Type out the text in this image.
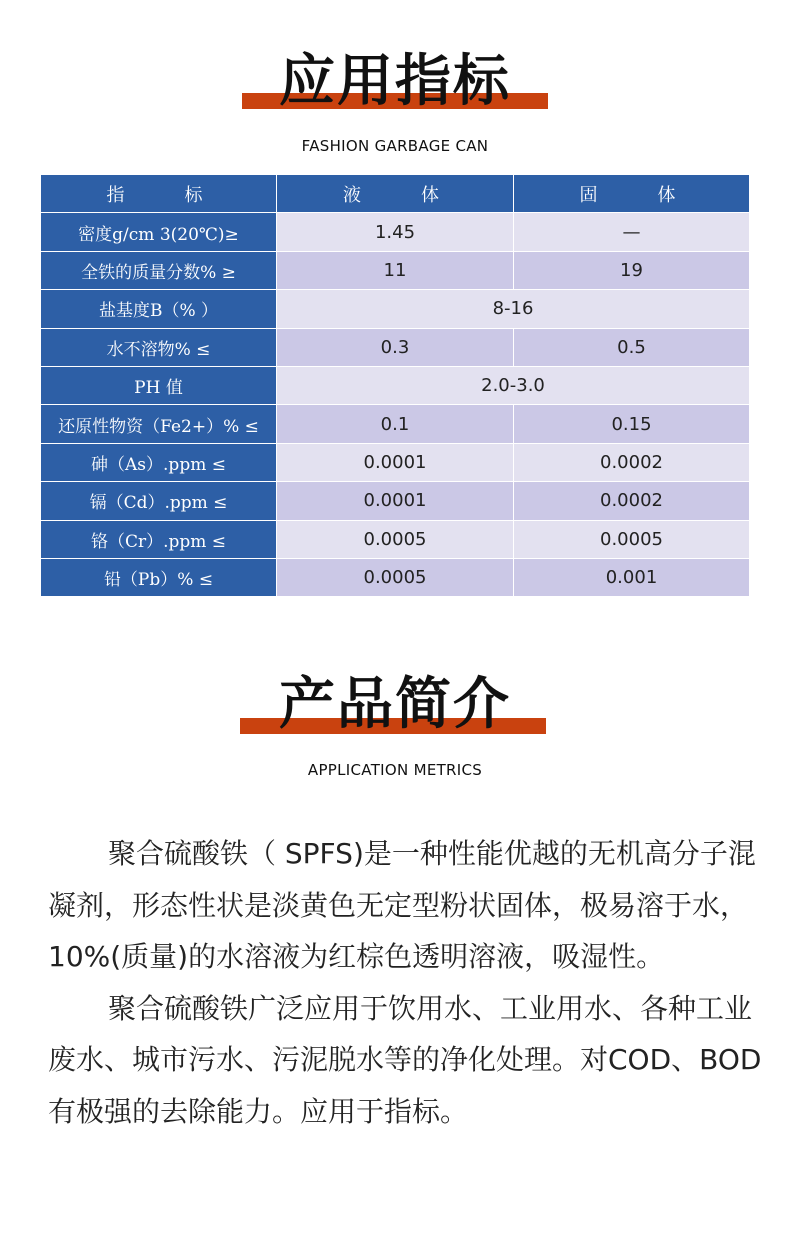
应用指标
FASHION GARBAGE CAN
指　　标	液　　体	固　　体
密度g/cm 3(20℃)≥	1.45	—
全铁的质量分数% ≥	11	19
盐基度B（% ）	8-16	
水不溶物% ≤	0.3	0.5
PH 值	2.0-3.0	
还原性物资（Fe2+）% ≤	0.1	0.15
砷（As）.ppm ≤	0.0001	0.0002
镉（Cd）.ppm ≤	0.0001	0.0002
铬（Cr）.ppm ≤	0.0005	0.0005
铅（Pb）% ≤	0.0005	0.001
产品简介
APPLICATION METRICS

聚合硫酸铁（ SPFS)是一种性能优越的无机高分子混凝剂，形态性状是淡黄色无定型粉状固体，极易溶于水，10%(质量)的水溶液为红棕色透明溶液，吸湿性。

聚合硫酸铁广泛应用于饮用水、工业用水、各种工业废水、城市污水、污泥脱水等的净化处理。对COD、BOD有极强的去除能力。应用于指标。
